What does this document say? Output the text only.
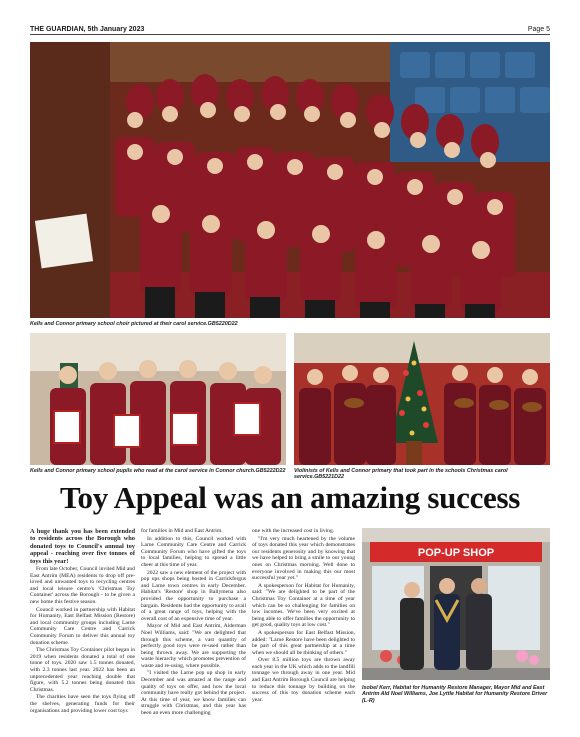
THE GUARDIAN, 5th January 2023	Page 5
Kells and Connor primary school choir pictured at their carol service.GB5220D22
Kells and Connor primary school pupils who read at the carol service in Connor church.GB5222D22 Violinists of Kells and Connor primary that took part in the schools Christmas carol service.GB5221D22
Toy Appeal was an amazing success

A huge thank you has been extended to residents across the Borough who donated toys to Council's annual toy appeal - reaching over five tonnes of toys this year!

From late October, Council invited Mid and East Antrim (MEA) residents to drop off pre-loved and unwanted toys to recycling centres and local leisure centre's 'Christmas Toy Container' across the Borough - to be given a new home this festive season.

Council worked in partnership with Habitat for Humanity, East Belfast Mission (Restore) and local community groups including Larne Community Care Centre and Carrick Community Forum to deliver this annual toy donation scheme.

The Christmas Toy Container pilot began in 2019 when residents donated a total of one tonne of toys. 2020 saw 1.5 tonnes donated, with 2.3 tonnes last year. 2022 has been an unprecedented year reaching double that figure, with 5.2 tonnes being donated this Christmas.

The charities have seen the toys flying off the shelves, generating funds for their organisations and providing lower cost toys

for families in Mid and East Antrim.

In addition to this, Council worked with Larne Community Care Centre and Carrick Community Forum who have gifted the toys to local families, helping to spread a little cheer at this time of year.

2022 saw a new element of the project with pop ups shops being hosted in Carrickfergus and Larne town centres in early December. Habitat's 'Restore' shop in Ballymena also provided the opportunity to purchase a bargain. Residents had the opportunity to avail of a great range of toys, helping with the overall cost of an expensive time of year.

Mayor of Mid and East Antrim, Alderman Noel Williams, said: "We are delighted that through this scheme, a vast quantity of perfectly good toys were re-used rather than being thrown away. We are supporting the waste hierarchy which promotes prevention of waste and re-using, where possible.

"I visited the Larne pop up shop in early December and was amazed at the range and quality of toys on offer, and how the local community have really got behind the project. At this time of year, we know families can struggle with Christmas, and this year has been an even more challenging

one with the increased cost in living.

"I'm very much heartened by the volume of toys donated this year which demonstrates our residents generosity and by knowing that we have helped to bring a smile to our young ones on Christmas morning. Well done to everyone involved in making this our most successful year yet."

A spokesperson for Habitat for Humanity, said: "We are delighted to be part of the Christmas Toy Container at a time of year which can be so challenging for families on low incomes. We've been very excited at being able to offer families the opportunity to get good, quality toys at low cost."

A spokesperson for East Belfast Mission, added: "Larne Restore have been delighted to be part of this great partnership at a time when we should all be thinking of others."

Over 8.5 million toys are thrown away each year in the UK which adds to the landfill tonnage we through away in one year. Mid and East Antrim Borough Council are helping to reduce this tonnage by building on the success of this toy donation scheme each year.

POP-UP SHOP
Isobel Kerr, Habitat for Humanity Restore Manager, Mayor Mid and East Antrim Ald Noel Williams, Joe Lyttle Habitat for Humanity Restore Driver (L-R)
